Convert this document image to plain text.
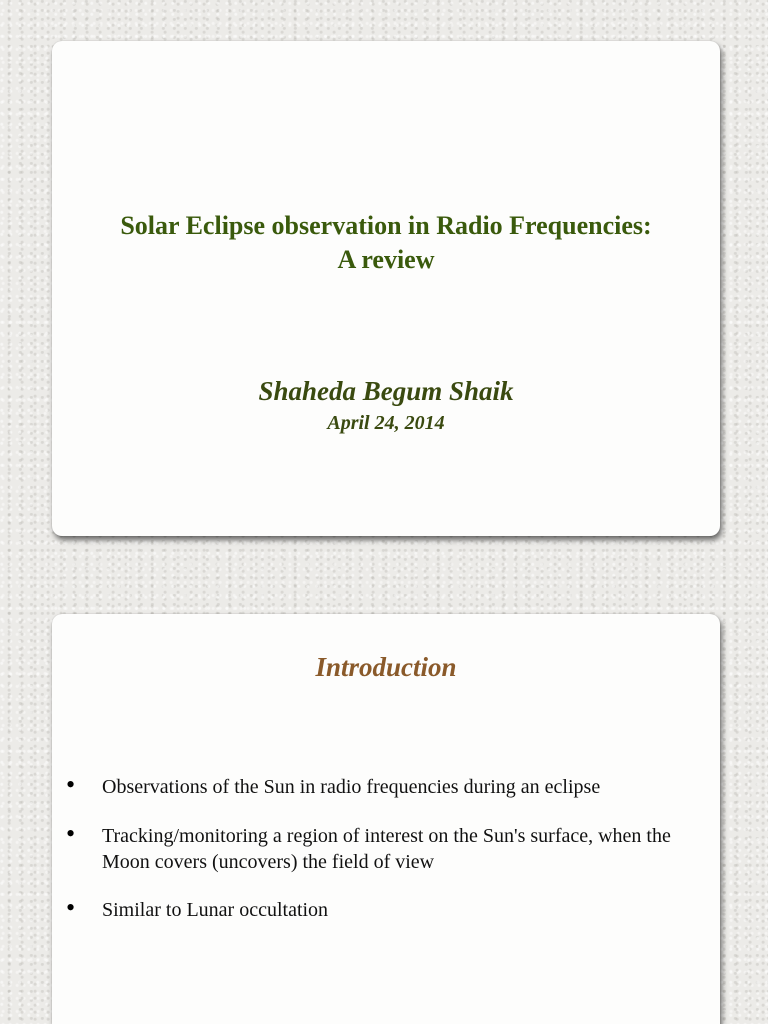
Solar Eclipse observation in Radio Frequencies:
A review
Shaheda Begum Shaik
April 24, 2014
Introduction
• Observations of the Sun in radio frequencies during an eclipse
• Tracking/monitoring a region of interest on the Sun's surface, when the Moon covers (uncovers) the field of view
• Similar to Lunar occultation
